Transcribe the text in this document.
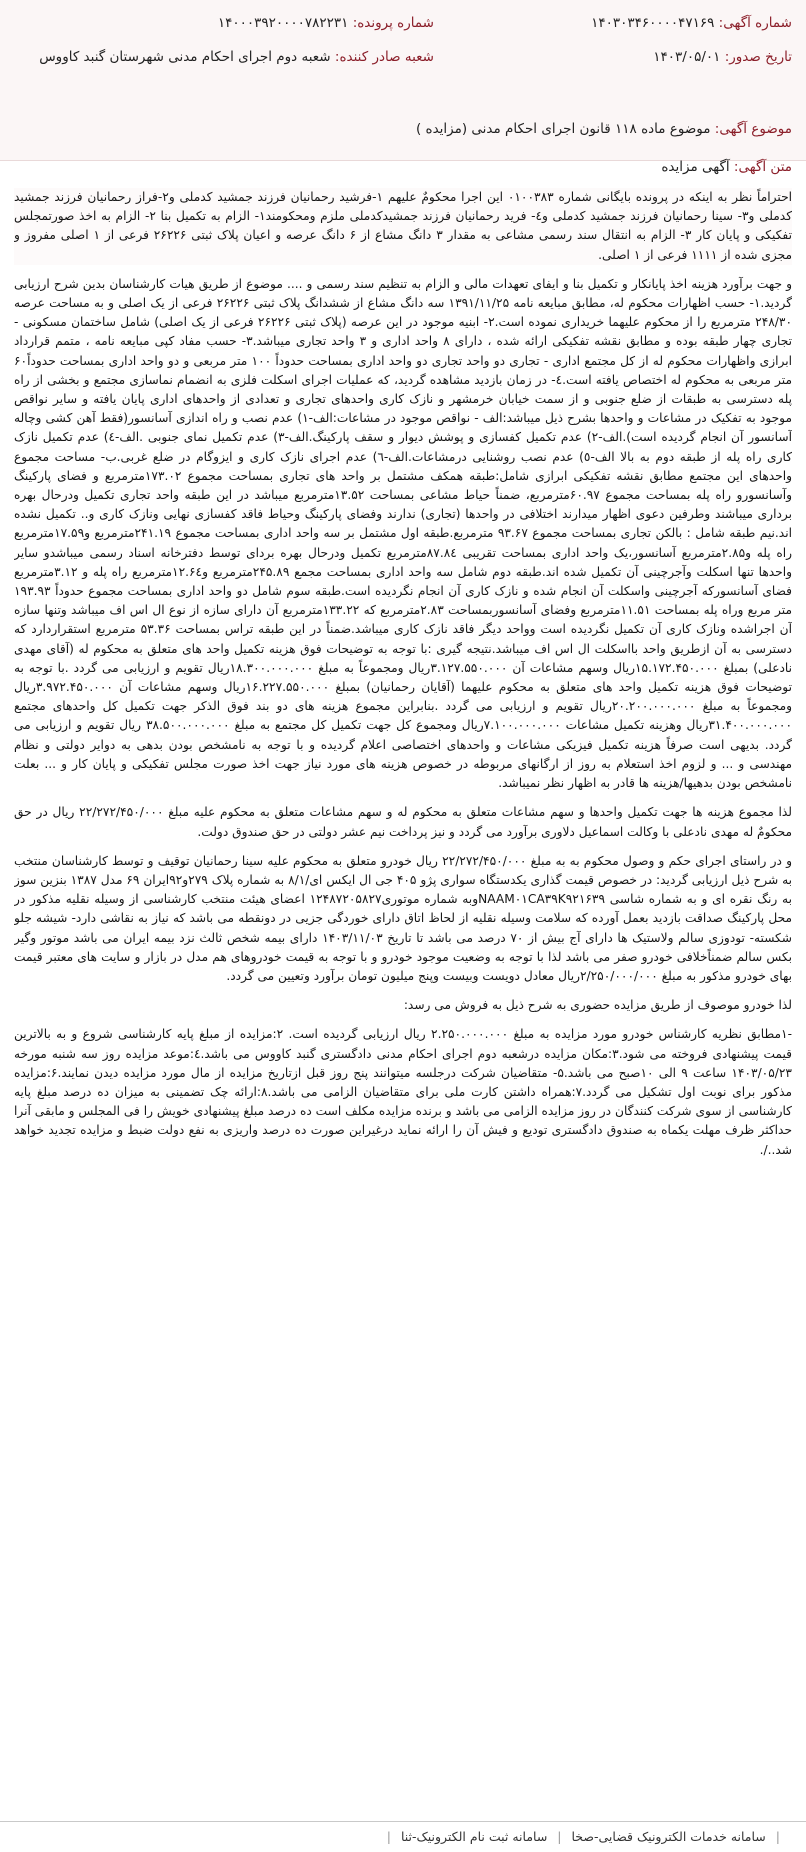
شماره آگهی: ۱۴۰۳۰۳۴۶۰۰۰۰۴۷۱۶۹
شماره پرونده: ۱۴۰۰۰۳۹۲۰۰۰۰۷۸۲۲۳۱
تاریخ صدور: ۱۴۰۳/۰۵/۰۱
شعبه صادر کننده: شعبه دوم اجرای احکام مدنی شهرستان گنبد کاووس
موضوع آگهی: موضوع ماده ۱۱۸ قانون اجرای احکام مدنی (مزایده )
متن آگهی: آگهی مزایده

احتراماً نظر به اینکه در پرونده بایگانی شماره ۰۱۰۰۳۸۳ این اجرا محکومٌ علیهم ۱-فرشید رحمانیان فرزند جمشید کدملی و۲-فراز رحمانیان فرزند جمشید کدملی و۳- سینا رحمانیان فرزند جمشید کدملی و٤- فرید رحمانیان فرزند جمشیدکدملی ملزم ومحکومند۱- الزام به تکمیل بنا ۲- الزام به اخذ صورتمجلس تفکیکی و پایان کار ۳- الزام به انتقال سند رسمی مشاعی به مقدار ۳ دانگ مشاع از ۶ دانگ عرصه و اعیان پلاک ثبتی ۲۶۲۲۶ فرعی از ۱ اصلی مفروز و مجزی شده از ۱۱۱۱ فرعی از ۱ اصلی.

و جهت برآورد هزینه اخذ پایانکار و تکمیل بنا و ایفای تعهدات مالی و الزام به تنظیم سند رسمی و .... موضوع از طریق هیات کارشناسان بدین شرح ارزیابی گردید.۱- حسب اظهارات محکوم له، مطابق مبایعه نامه ۱۳۹۱/۱۱/۲۵ سه دانگ مشاع از ششدانگ پلاک ثبتی ۲۶۲۲۶ فرعی از یک اصلی و به مساحت عرصه ۲۴۸/۳۰ مترمربع را از محکوم علیهما خریداری نموده است.۲- ابنیه موجود در این عرصه (پلاک ثبتی ۲۶۲۲۶ فرعی از یک اصلی) شامل ساختمان مسکونی - تجاری چهار طبقه بوده و مطابق نقشه تفکیکی ارائه شده ، دارای ۸ واحد اداری و ۳ واحد تجاری میباشد.۳- حسب مفاد کپی مبایعه نامه ، متمم قرارداد ابرازی واظهارات محکوم له از کل مجتمع اداری - تجاری دو واحد تجاری دو واحد اداری بمساحت حدوداً ۱۰۰ متر مربعی و دو واحد اداری بمساحت حدوداً۶۰ متر مربعی به محکوم له اختصاص یافته است.٤- در زمان بازدید مشاهده گردید، که عملیات اجرای اسکلت فلزی به انضمام نماسازی مجتمع و بخشی از راه پله دسترسی به طبقات از ضلع جنوبی و از سمت خیابان خرمشهر و نازک کاری واحدهای تجاری و تعدادی از واحدهای اداری پایان یافته و سایر نواقص موجود به تفکیک در مشاعات و واحدها بشرح ذیل میباشد:الف - نواقص موجود در مشاعات:الف-۱) عدم نصب و راه اندازی آسانسور(فقط آهن کشی وچاله آسانسور آن انجام گردیده است).الف-۲) عدم تکمیل کفسازی و پوشش دیوار و سقف پارکینگ.الف-۳) عدم تکمیل نمای جنوبی .الف-٤) عدم تکمیل نازک کاری راه پله از طبقه دوم به بالا الف-٥) عدم نصب روشنایی درمشاعات.الف-٦) عدم اجرای نازک کاری و ایزوگام در ضلع غربی.ب- مساحت مجموع واحدهای این مجتمع مطابق نقشه تفکیکی ابرازی شامل:طبقه همکف مشتمل بر واحد های تجاری بمساحت مجموع ۱۷۳.۰۲مترمربع و فضای پارکینگ وآسانسورو راه پله بمساحت مجموع ۶۰.۹۷مترمربع، ضمناً حیاط مشاعی بمساحت ۱۳.۵۲مترمربع میباشد در این طبقه واحد تجاری تکمیل ودرحال بهره برداری میباشند وطرفین دعوی اظهار میدارند اختلافی در واحدها (تجاری) ندارند وفضای پارکینگ وحیاط فاقد کفسازی نهایی ونازک کاری و.. تکمیل نشده اند.نیم طبقه شامل : بالکن تجاری بمساحت مجموع ۹۳.۶۷ مترمربع.طبقه اول مشتمل بر سه واحد اداری بمساحت مجموع ۲۴۱.۱۹مترمربع و۱۷.۵۹مترمربع راه پله و۲.۸۵مترمربع آسانسور،یک واحد اداری بمساحت تقریبی ۸۷.۸٤مترمربع تکمیل ودرحال بهره بردای توسط دفترخانه اسناد رسمی میباشدو سایر واحدها تنها اسکلت وآجرچینی آن تکمیل شده اند.طبقه دوم شامل سه واحد اداری بمساحت مجمع ۲۴۵.۸۹مترمربع و۱۲.۶٤مترمربع راه پله و ۳.۱۲مترمربع فضای آسانسورکه آجرچینی واسکلت آن انجام شده و نازک کاری آن انجام نگردیده است.طبقه سوم شامل دو واحد اداری بمساحت مجموع حدوداً ۱۹۳.۹۳ متر مربع وراه پله بمساحت ۱۱.۵۱مترمربع وفضای آسانسوربمساحت ۲.۸۳مترمربع که ۱۳۳.۲۲مترمربع آن دارای سازه از نوع ال اس اف میباشد وتنها سازه آن اجراشده ونازک کاری آن تکمیل نگردیده است وواحد دیگر فاقد نازک کاری میباشد.ضمناً در این طبقه تراس بمساحت ۵۳.۳۶ مترمربع استقراردارد که دسترسی به آن ازطریق واحد بااسکلت ال اس اف میباشد.نتیجه گیری :با توجه به توضیحات فوق هزینه تکمیل واحد های متعلق به محکوم له (آقای مهدی نادعلی) بمبلغ ۱۵.۱۷۲.۴۵۰.۰۰۰ریال وسهم مشاعات آن ۳.۱۲۷.۵۵۰.۰۰۰ریال ومجموعاً به مبلغ ۱۸.۳۰۰.۰۰۰.۰۰۰ریال تقویم و ارزیابی می گردد .با توجه به توضیحات فوق هزینه تکمیل واحد های متعلق به محکوم علیهما (آقایان رحمانیان) بمبلغ ۱۶.۲۲۷.۵۵۰.۰۰۰ریال وسهم مشاعات آن ۳.۹۷۲.۴۵۰.۰۰۰ریال ومجموعاً به مبلغ ۲۰.۲۰۰.۰۰۰.۰۰۰ریال تقویم و ارزیابی می گردد .بنابراین مجموع هزینه های دو بند فوق الذکر جهت تکمیل کل واحدهای مجتمع ۳۱.۴۰۰.۰۰۰.۰۰۰ریال وهزینه تکمیل مشاعات ۷.۱۰۰.۰۰۰.۰۰۰ریال ومجموع کل جهت تکمیل کل مجتمع به مبلغ ۳۸.۵۰۰.۰۰۰.۰۰۰ ریال تقویم و ارزیابی می گردد. بدیهی است صرفاً هزینه تکمیل فیزیکی مشاعات و واحدهای اختصاصی اعلام گردیده و با توجه به نامشخص بودن بدهی به دوایر دولتی و نظام مهندسی و ... و لزوم اخذ استعلام به روز از ارگانهای مربوطه در خصوص هزینه های مورد نیاز جهت اخذ صورت مجلس تفکیکی و پایان کار و ... بعلت نامشخص بودن بدهیها/هزینه ها قادر به اظهار نظر نمیباشد.

لذا مجموع هزینه ها جهت تکمیل واحدها و سهم مشاعات متعلق به محکوم له و سهم مشاعات متعلق به محکوم علیه مبلغ ۲۲/۲۷۲/۴۵۰/۰۰۰ ریال در حق محکومٌ له مهدی نادعلی با وکالت اسماعیل دلاوری برآورد می گردد و نیز پرداخت نیم عشر دولتی در حق صندوق دولت.

و در راستای اجرای حکم و وصول محکوم به به مبلغ ۲۲/۲۷۲/۴۵۰/۰۰۰ ریال خودرو متعلق به محکوم علیه سینا رحمانیان توقیف و توسط کارشناسان منتخب به شرح ذیل ارزیابی گردید: در خصوص قیمت گذاری یکدستگاه سواری پژو ۴۰۵ جی ال ایکس ای/۸/۱ به شماره پلاک ۲۷۹و۹۲ایران ۶۹ مدل ۱۳۸۷ بنزین سوز به رنگ نقره ای و به شماره شاسی NAAM۰۱CA۳۹K۹۲۱۶۳۹وبه شماره موتوری۱۲۴۸۷۲۰۵۸۲۷ اعضای هیئت منتخب کارشناسی از وسیله نقلیه مذکور در محل پارکینگ صداقت بازدید بعمل آورده که سلامت وسیله نقلیه از لحاظ اتاق دارای خوردگی جزیی در دونقطه می باشد که نیاز به نقاشی دارد- شیشه جلو شکسته- تودوزی سالم ولاستیک ها دارای آج بیش از ۷۰ درصد می باشد تا تاریخ ۱۴۰۳/۱۱/۰۳ دارای بیمه شخص ثالث نزد بیمه ایران می باشد موتور وگیر بکس سالم ضمناًخلافی خودرو صفر می باشد لذا با توجه به وضعیت موجود خودرو و با توجه به قیمت خودروهای هم مدل در بازار و سایت های معتبر قیمت بهای خودرو مذکور به مبلغ ۲/۲۵۰/۰۰۰/۰۰۰ریال معادل دویست وبیست وپنج میلیون تومان برآورد وتعیین می گردد.

لذا خودرو موصوف از طریق مزایده حضوری به شرح ذیل به فروش می رسد:

-۱مطابق نظریه کارشناس خودرو مورد مزایده به مبلغ ۲.۲۵۰.۰۰۰.۰۰۰ ریال ارزیابی گردیده است. ۲:مزایده از مبلغ پایه کارشناسی شروع و به بالاترین قیمت پیشنهادی فروخته می شود.۳:مکان مزایده درشعبه دوم اجرای احکام مدنی دادگستری گنبد کاووس می باشد.٤:موعد مزایده روز سه شنبه مورخه ۱۴۰۳/۰۵/۲۳ ساعت ۹ الی ۱۰صبح می باشد.۵- متقاضیان شرکت درجلسه میتوانند پنج روز قبل ازتاریخ مزایده از مال مورد مزایده دیدن نمایند.۶:مزایده مذکور برای نوبت اول تشکیل می گردد.۷:همراه داشتن کارت ملی برای متقاضیان الزامی می باشد.۸:ارائه چک تضمینی به میزان ده درصد مبلغ پایه کارشناسی از سوی شرکت کنندگان در روز مزایده الزامی می باشد و برنده مزایده مکلف است ده درصد مبلغ پیشنهادی خویش را فی المجلس و مابقی آنرا حداکثر ظرف مهلت یکماه به صندوق دادگستری تودیع و فیش آن را ارائه نماید درغیراین صورت ده درصد واریزی به نفع دولت ضبط و مزایده تجدید خواهد شد../.

| سامانه خدمات الکترونیک قضایی-صخا | سامانه ثبت نام الکترونیک-ثنا |
